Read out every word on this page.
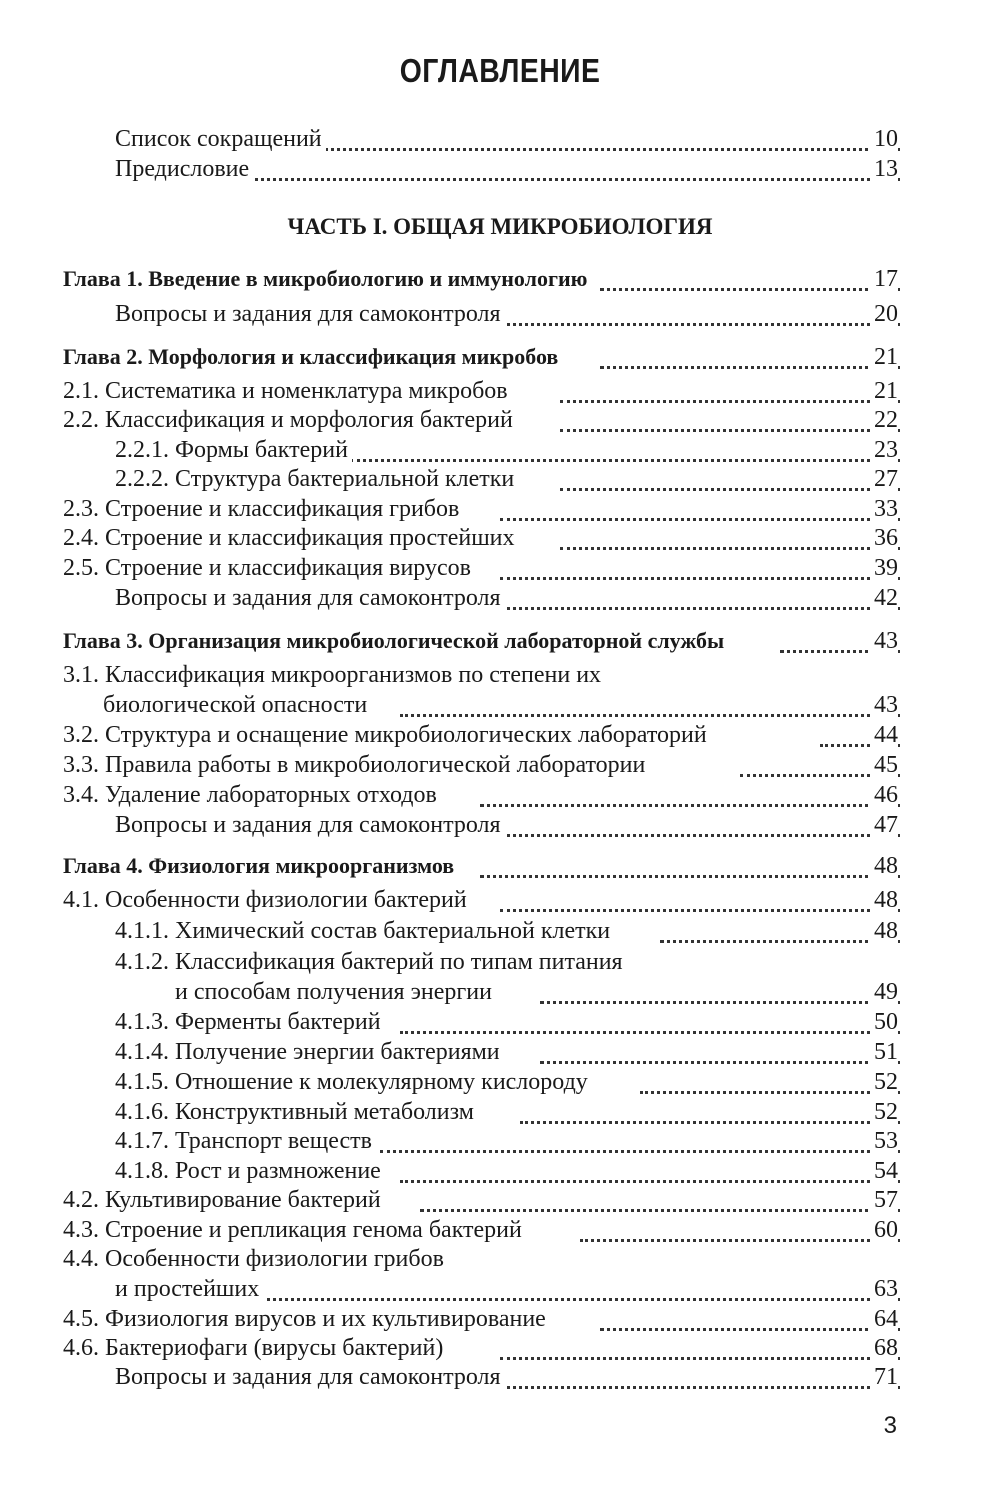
ОГЛАВЛЕНИЕ
Список сокращений	10
Предисловие	13
ЧАСТЬ I. ОБЩАЯ МИКРОБИОЛОГИЯ
Глава 1. Введение в микробиологию и иммунологию	17
Вопросы и задания для самоконтроля	20
Глава 2. Морфология и классификация микробов	21
2.1. Систематика и номенклатура микробов	21
2.2. Классификация и морфология бактерий	22
2.2.1. Формы бактерий	23
2.2.2. Структура бактериальной клетки	27
2.3. Строение и классификация грибов	33
2.4. Строение и классификация простейших	36
2.5. Строение и классификация вирусов	39
Вопросы и задания для самоконтроля	42
Глава 3. Организация микробиологической лабораторной службы	43
3.1. Классификация микроорганизмов по степени их
биологической опасности	43
3.2. Структура и оснащение микробиологических лабораторий	44
3.3. Правила работы в микробиологической лаборатории	45
3.4. Удаление лабораторных отходов	46
Вопросы и задания для самоконтроля	47
Глава 4. Физиология микроорганизмов	48
4.1. Особенности физиологии бактерий	48
4.1.1. Химический состав бактериальной клетки	48
4.1.2. Классификация бактерий по типам питания
и способам получения энергии	49
4.1.3. Ферменты бактерий	50
4.1.4. Получение энергии бактериями	51
4.1.5. Отношение к молекулярному кислороду	52
4.1.6. Конструктивный метаболизм	52
4.1.7. Транспорт веществ	53
4.1.8. Рост и размножение	54
4.2. Культивирование бактерий	57
4.3. Строение и репликация генома бактерий	60
4.4. Особенности физиологии грибов
и простейших	63
4.5. Физиология вирусов и их культивирование	64
4.6. Бактериофаги (вирусы бактерий)	68
Вопросы и задания для самоконтроля	71
3
